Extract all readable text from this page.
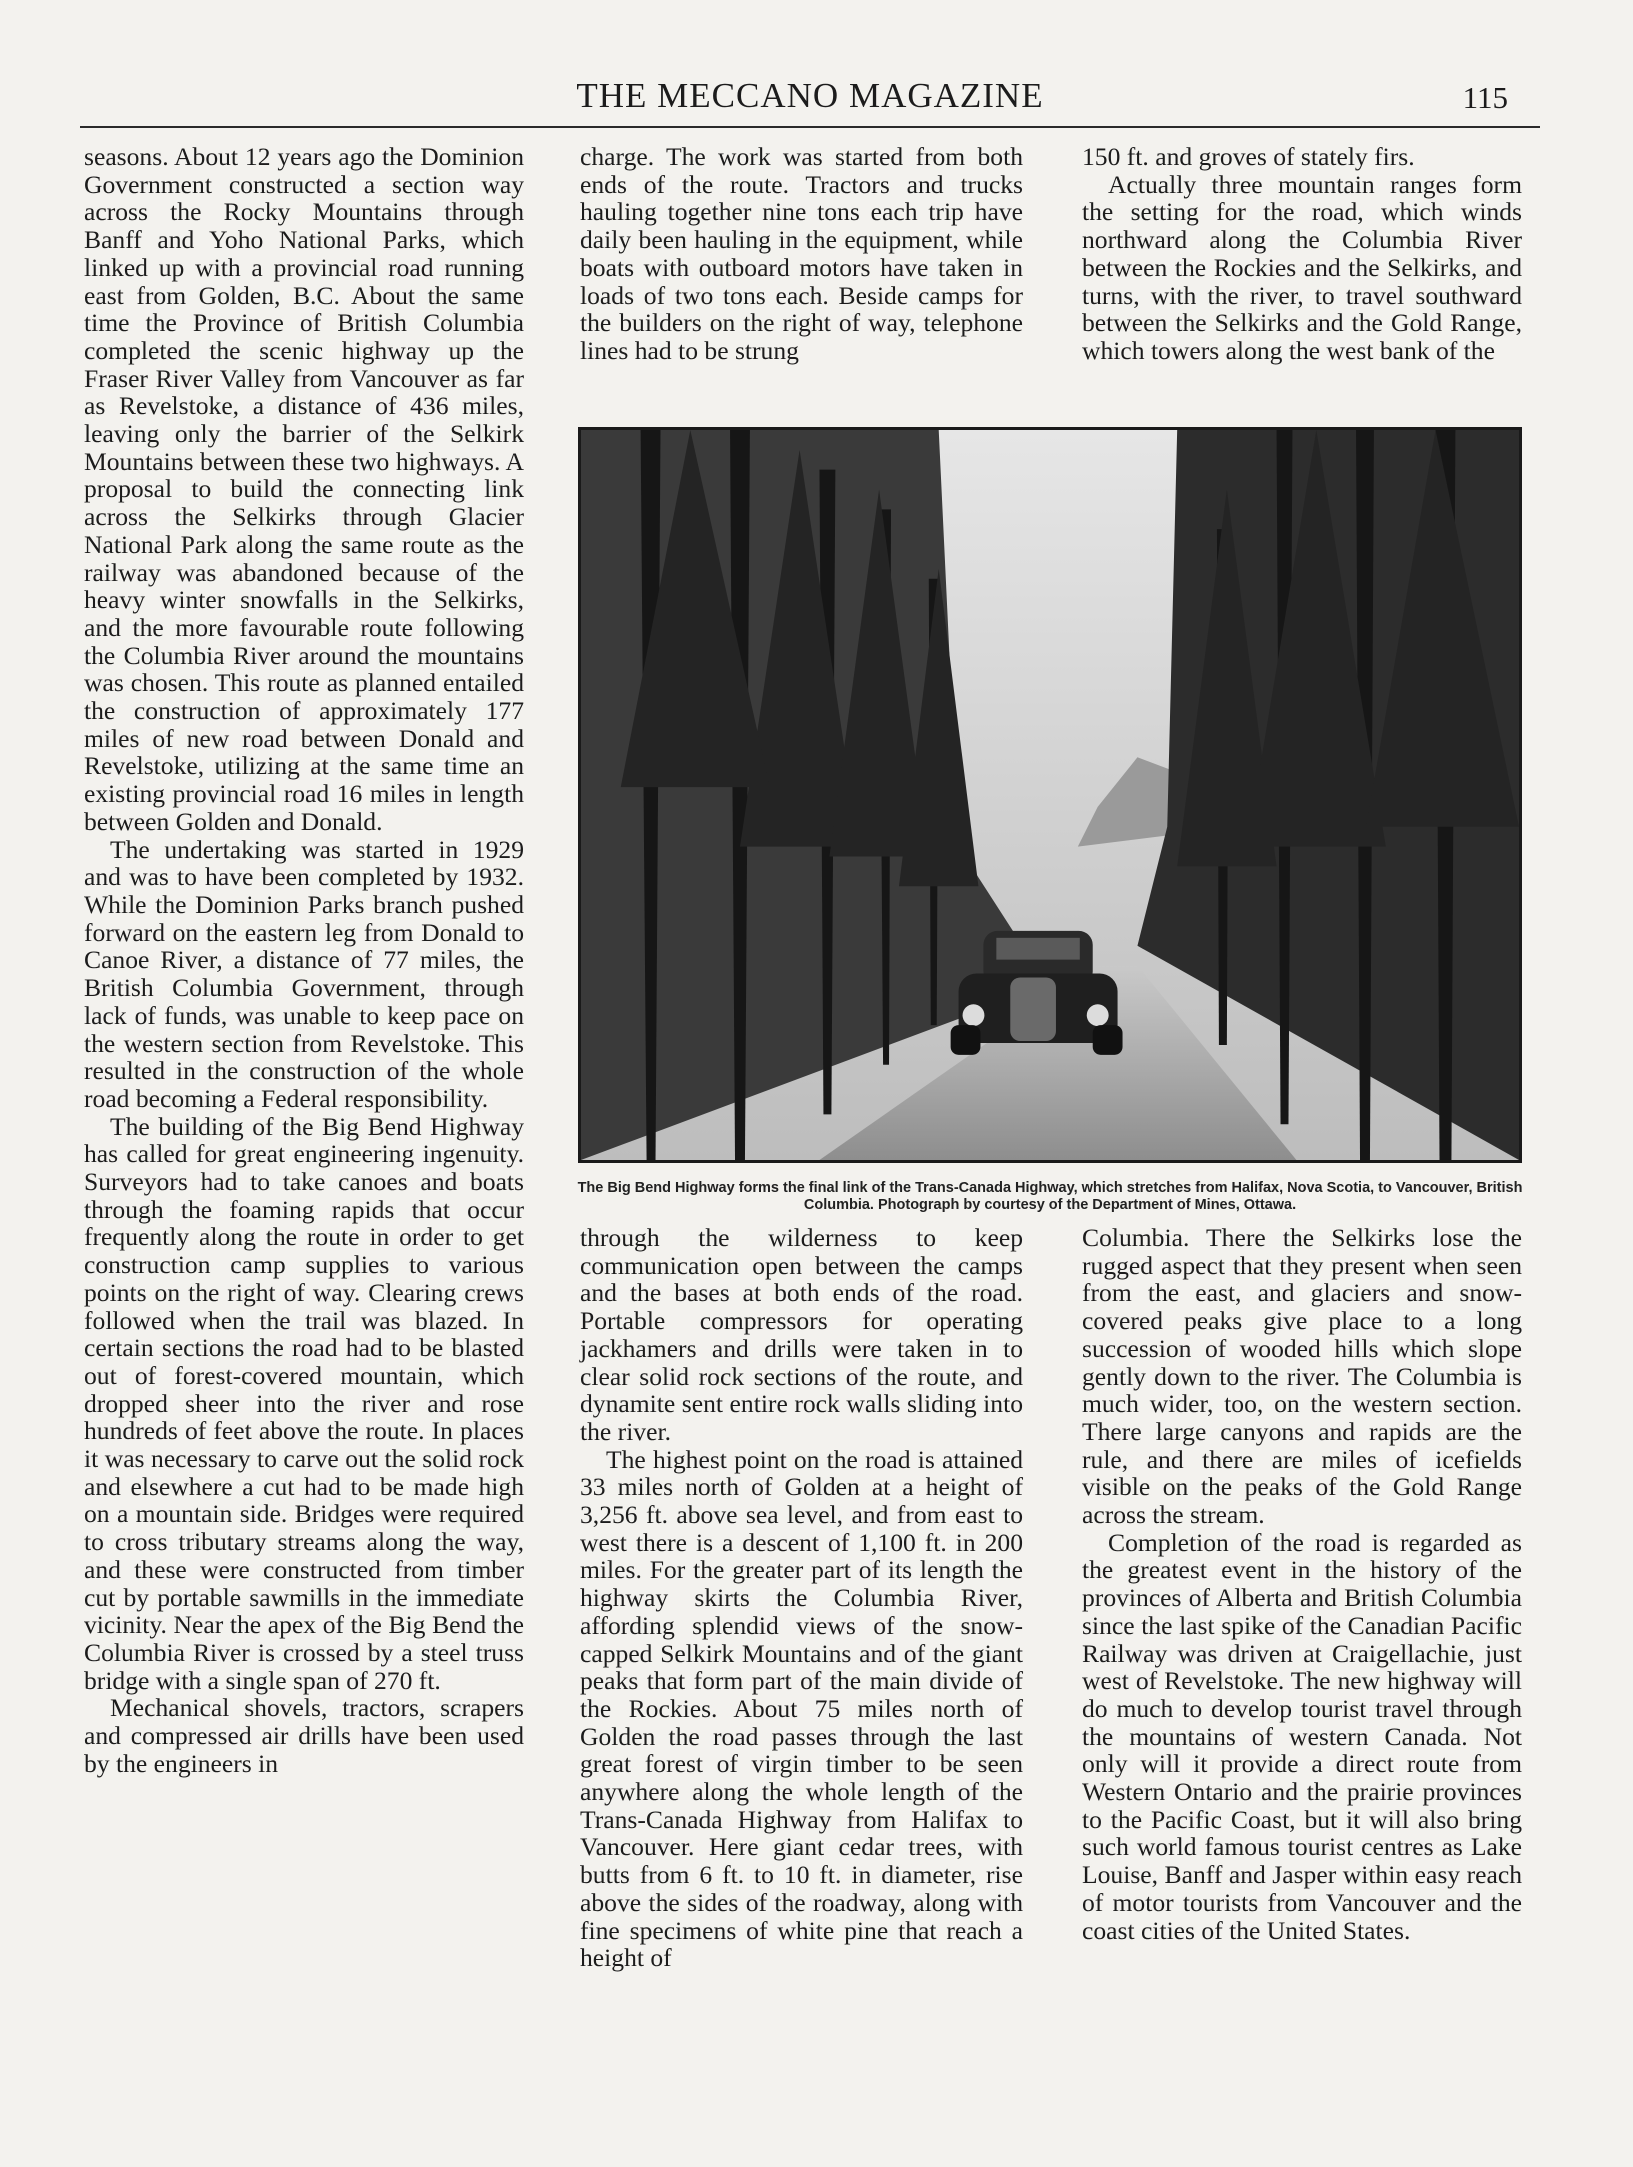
THE MECCANO MAGAZINE	115

seasons. About 12 years ago the Dominion Government constructed a section way across the Rocky Mountains through Banff and Yoho National Parks, which linked up with a provincial road running east from Golden, B.C. About the same time the Province of British Columbia completed the scenic highway up the Fraser River Valley from Vancouver as far as Revelstoke, a distance of 436 miles, leaving only the barrier of the Selkirk Mountains between these two highways. A proposal to build the connecting link across the Selkirks through Glacier National Park along the same route as the railway was abandoned because of the heavy winter snowfalls in the Selkirks, and the more favourable route following the Columbia River around the mountains was chosen. This route as planned entailed the construction of approximately 177 miles of new road between Donald and Revelstoke, utilizing at the same time an existing provincial road 16 miles in length between Golden and Donald.

The undertaking was started in 1929 and was to have been completed by 1932. While the Dominion Parks branch pushed forward on the eastern leg from Donald to Canoe River, a distance of 77 miles, the British Columbia Government, through lack of funds, was unable to keep pace on the western section from Revelstoke. This resulted in the construction of the whole road becoming a Federal responsibility.

The building of the Big Bend Highway has called for great engineering ingenuity. Surveyors had to take canoes and boats through the foaming rapids that occur frequently along the route in order to get construction camp supplies to various points on the right of way. Clearing crews followed when the trail was blazed. In certain sections the road had to be blasted out of forest-covered mountain, which dropped sheer into the river and rose hundreds of feet above the route. In places it was necessary to carve out the solid rock and elsewhere a cut had to be made high on a mountain side. Bridges were required to cross tributary streams along the way, and these were constructed from timber cut by portable sawmills in the immediate vicinity. Near the apex of the Big Bend the Columbia River is crossed by a steel truss bridge with a single span of 270 ft.

Mechanical shovels, tractors, scrapers and compressed air drills have been used by the engineers in

charge. The work was started from both ends of the route. Tractors and trucks hauling together nine tons each trip have daily been hauling in the equipment, while boats with outboard motors have taken in loads of two tons each. Beside camps for the builders on the right of way, telephone lines had to be strung

150 ft. and groves of stately firs.

Actually three mountain ranges form the setting for the road, which winds northward along the Columbia River between the Rockies and the Selkirks, and turns, with the river, to travel southward between the Selkirks and the Gold Range, which towers along the west bank of the

The Big Bend Highway forms the final link of the Trans-Canada Highway, which stretches from Halifax, Nova Scotia, to Vancouver, British Columbia. Photograph by courtesy of the Department of Mines, Ottawa.

through the wilderness to keep communication open between the camps and the bases at both ends of the road. Portable compressors for operating jackhamers and drills were taken in to clear solid rock sections of the route, and dynamite sent entire rock walls sliding into the river.

The highest point on the road is attained 33 miles north of Golden at a height of 3,256 ft. above sea level, and from east to west there is a descent of 1,100 ft. in 200 miles. For the greater part of its length the highway skirts the Columbia River, affording splendid views of the snow-capped Selkirk Mountains and of the giant peaks that form part of the main divide of the Rockies. About 75 miles north of Golden the road passes through the last great forest of virgin timber to be seen anywhere along the whole length of the Trans-Canada Highway from Halifax to Vancouver. Here giant cedar trees, with butts from 6 ft. to 10 ft. in diameter, rise above the sides of the roadway, along with fine specimens of white pine that reach a height of

Columbia. There the Selkirks lose the rugged aspect that they present when seen from the east, and glaciers and snow-covered peaks give place to a long succession of wooded hills which slope gently down to the river. The Columbia is much wider, too, on the western section. There large canyons and rapids are the rule, and there are miles of icefields visible on the peaks of the Gold Range across the stream.

Completion of the road is regarded as the greatest event in the history of the provinces of Alberta and British Columbia since the last spike of the Canadian Pacific Railway was driven at Craigellachie, just west of Revelstoke. The new highway will do much to develop tourist travel through the mountains of western Canada. Not only will it provide a direct route from Western Ontario and the prairie provinces to the Pacific Coast, but it will also bring such world famous tourist centres as Lake Louise, Banff and Jasper within easy reach of motor tourists from Vancouver and the coast cities of the United States.
